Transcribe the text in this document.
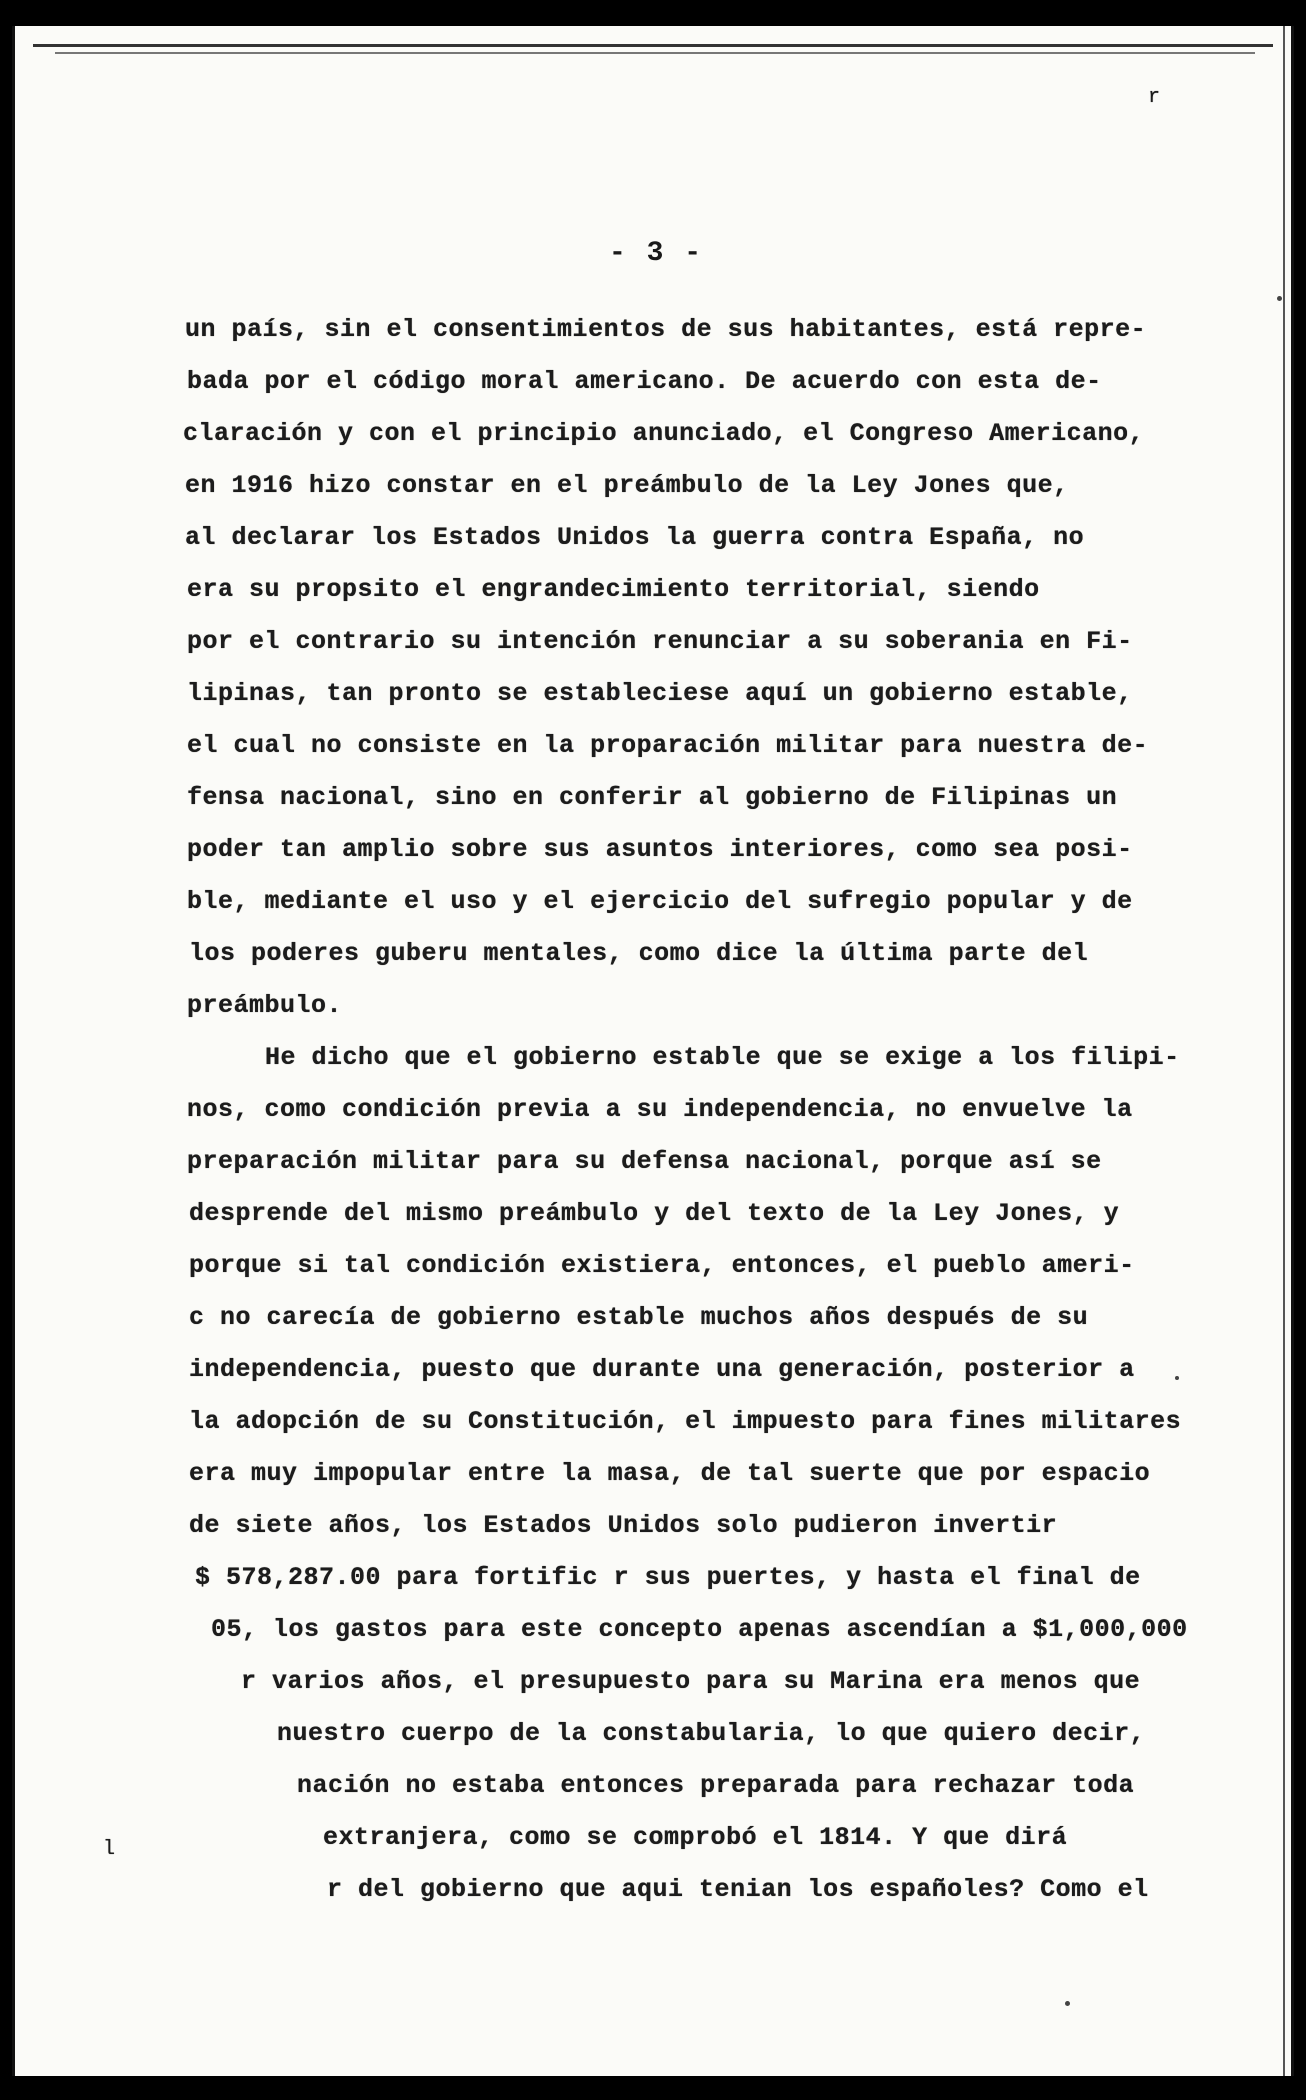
- 3 -
un país, sin el consentimientos de sus habitantes, está repre-
bada por el código moral americano. De acuerdo con esta de-
claración y con el principio anunciado, el Congreso Americano,
en 1916 hizo constar en el preámbulo de la Ley Jones que,
al declarar los Estados Unidos la guerra contra España, no
era su propsito el engrandecimiento territorial, siendo
por el contrario su intención renunciar a su soberania en Fi-
lipinas, tan pronto se estableciese aquí un gobierno estable,
el cual no consiste en la proparación militar para nuestra de-
fensa nacional, sino en conferir al gobierno de Filipinas un
poder tan amplio sobre sus asuntos interiores, como sea posi-
ble, mediante el uso y el ejercicio del sufregio popular y de
los poderes guberu mentales, como dice la última parte del
preámbulo.
He dicho que el gobierno estable que se exige a los filipi-
nos, como condición previa a su independencia, no envuelve la
preparación militar para su defensa nacional, porque así se
desprende del mismo preámbulo y del texto de la Ley Jones, y
porque si tal condición existiera, entonces, el pueblo ameri-
c no carecía de gobierno estable muchos años después de su
independencia, puesto que durante una generación, posterior a
la adopción de su Constitución, el impuesto para fines militares
era muy impopular entre la masa, de tal suerte que por espacio
de siete años, los Estados Unidos solo pudieron invertir
$ 578,287.00 para fortific r sus puertes, y hasta el final de
05, los gastos para este concepto apenas ascendían a $1,000,000
r varios años, el presupuesto para su Marina era menos que
nuestro cuerpo de la constabularia, lo que quiero decir,
nación no estaba entonces preparada para rechazar toda
extranjera, como se comprobó el 1814. Y que dirá
r del gobierno que aqui tenian los españoles? Como el
l
r
